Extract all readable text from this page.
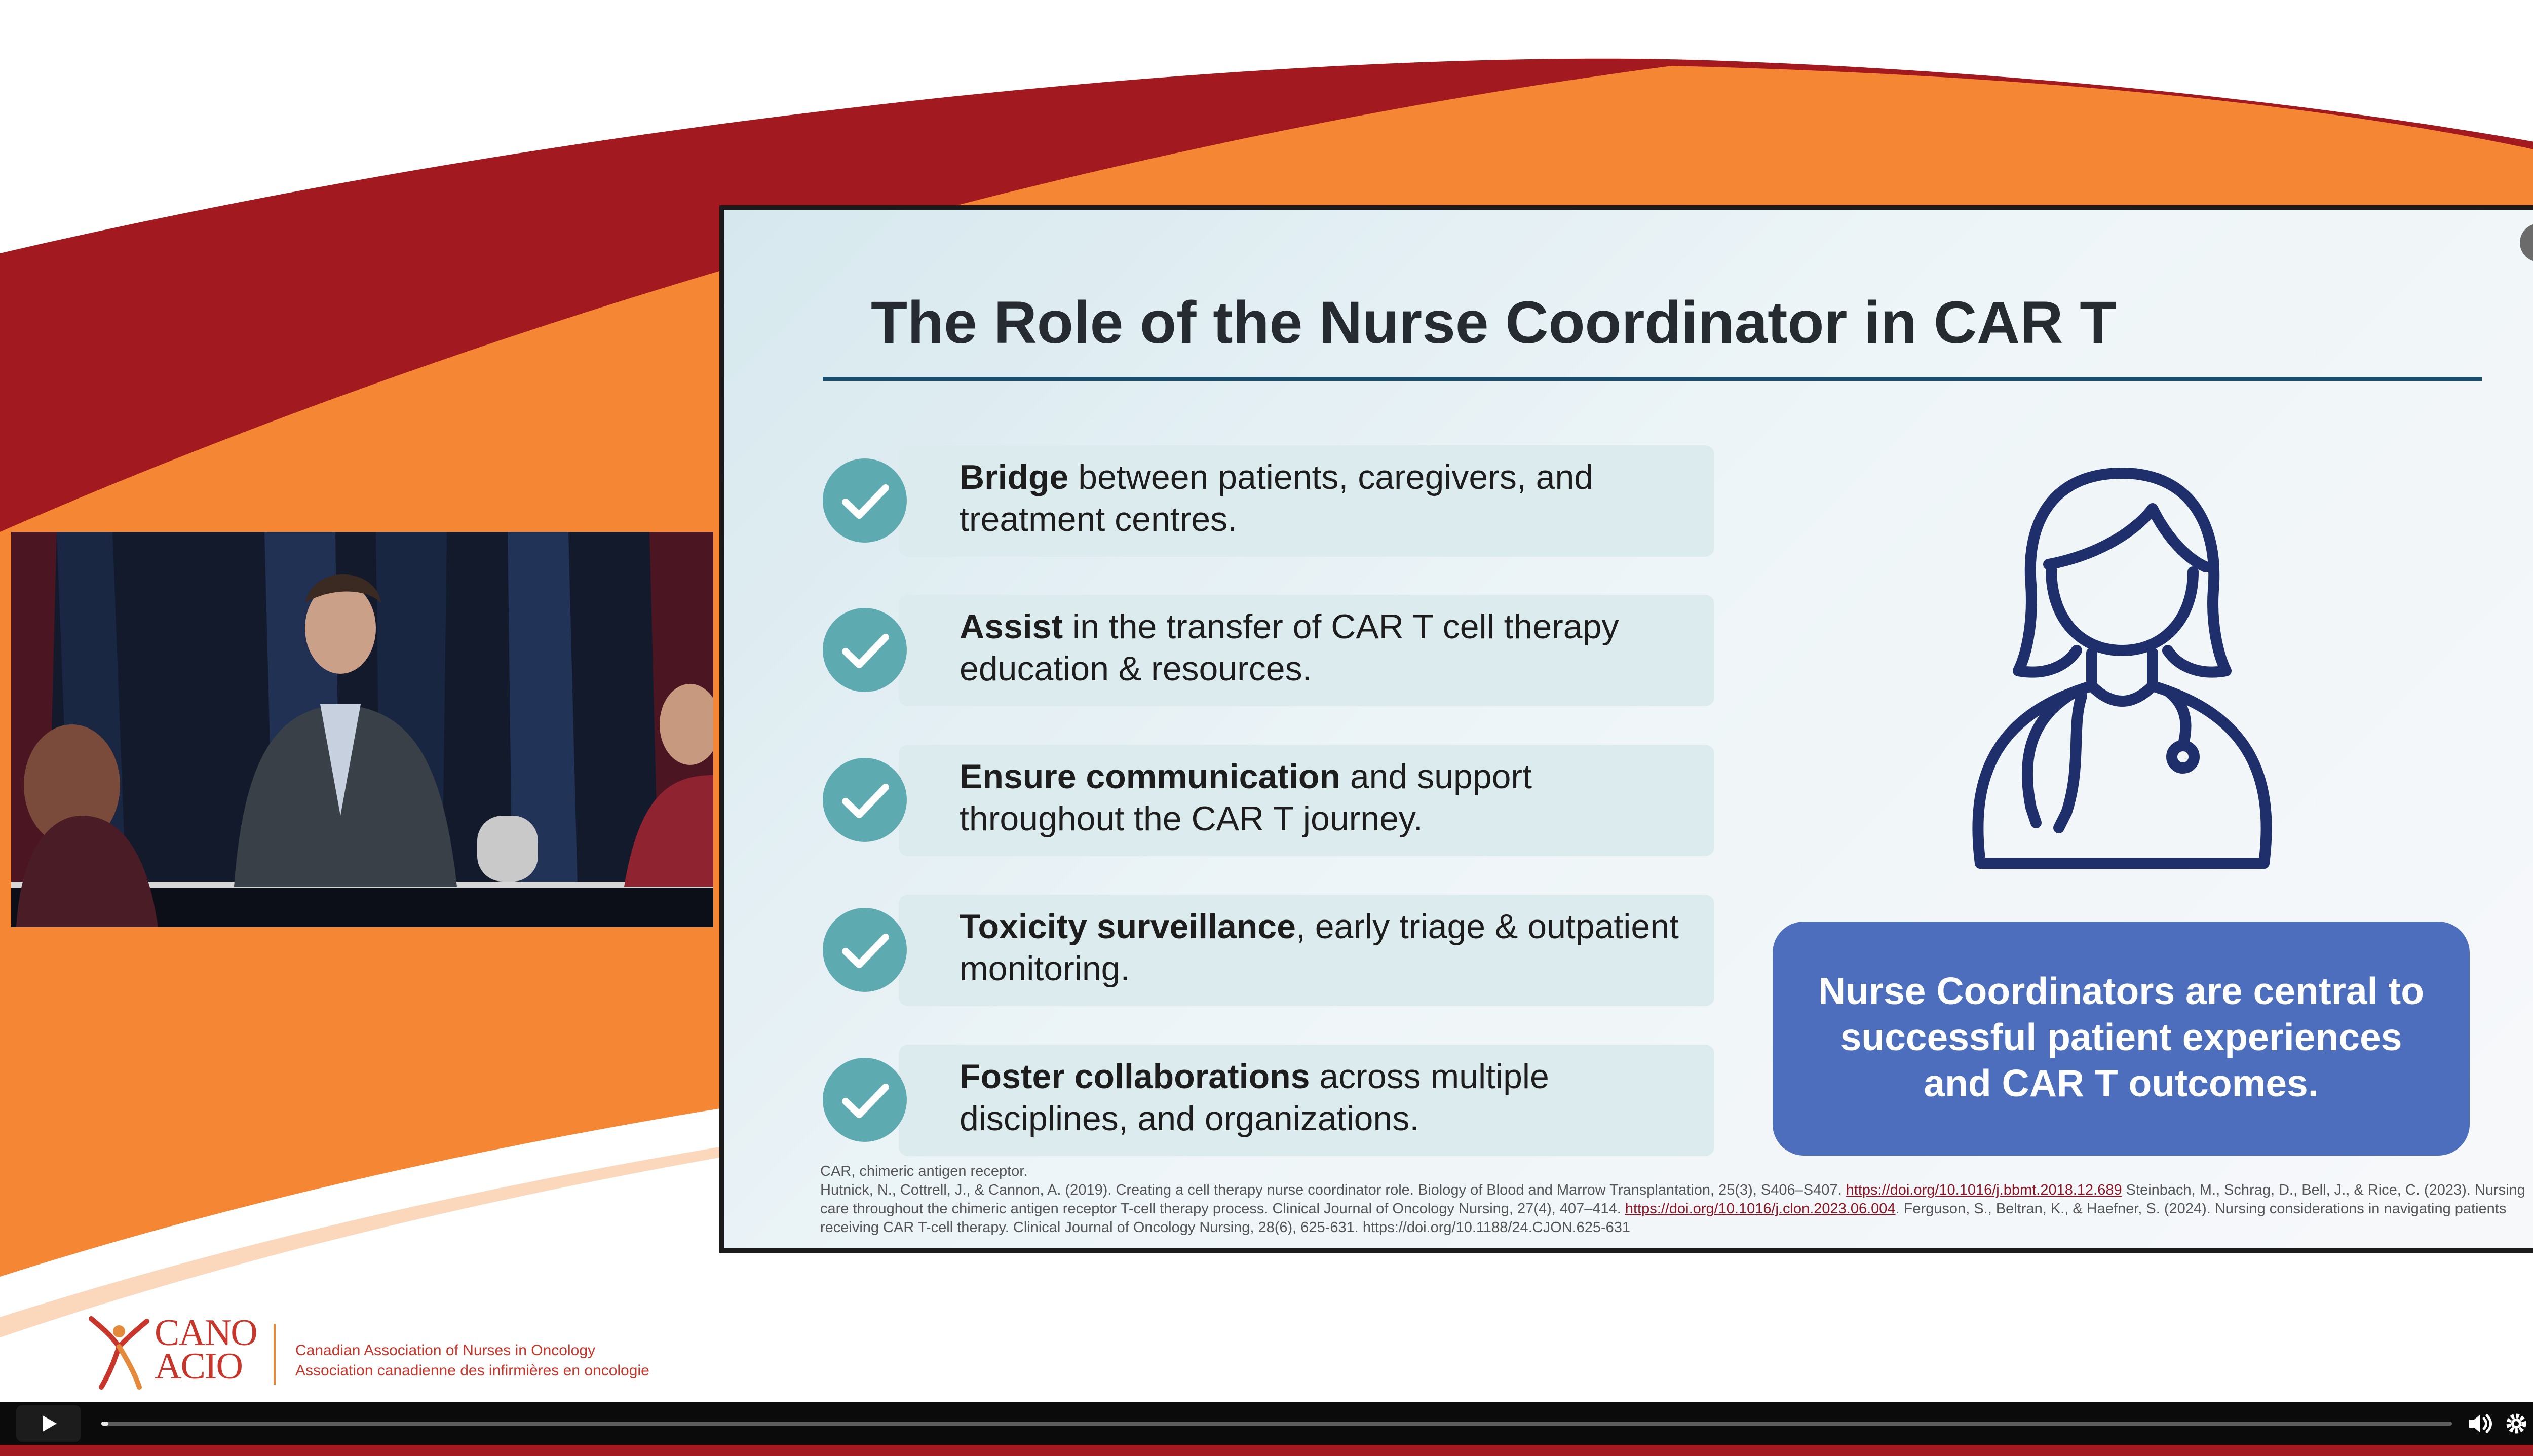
The Role of the Nurse Coordinator in CAR T
Bridge between patients, caregivers, and treatment centres.
Assist in the transfer of CAR T cell therapy education & resources.
Ensure communication and support throughout the CAR T journey.
Toxicity surveillance, early triage & outpatient monitoring.
Foster collaborations across multiple disciplines, and organizations.
Nurse Coordinators are central to successful patient experiences and CAR T outcomes.
CAR, chimeric antigen receptor.
Hutnick, N., Cottrell, J., & Cannon, A. (2019). Creating a cell therapy nurse coordinator role. Biology of Blood and Marrow Transplantation, 25(3), S406–S407. https://doi.org/10.1016/j.bbmt.2018.12.689 Steinbach, M., Schrag, D., Bell, J., & Rice, C. (2023). Nursing care throughout the chimeric antigen receptor T-cell therapy process. Clinical Journal of Oncology Nursing, 27(4), 407–414. https://doi.org/10.1016/j.clon.2023.06.004. Ferguson, S., Beltran, K., & Haefner, S. (2024). Nursing considerations in navigating patients receiving CAR T-cell therapy. Clinical Journal of Oncology Nursing, 28(6), 625-631. https://doi.org/10.1188/24.CJON.625-631
CANO
ACIO	Canadian Association of Nurses in Oncology
Association canadienne des infirmières en oncologie
